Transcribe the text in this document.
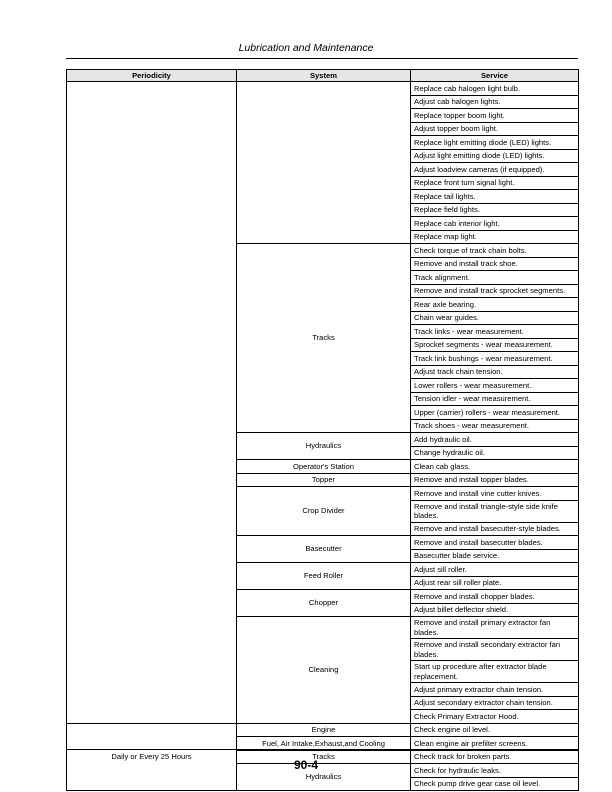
Lubrication and Maintenance
Periodicity	System	Service
		Replace cab halogen light bulb.
		Adjust cab halogen lights.
		Replace topper boom light.
		Adjust topper boom light.
		Replace light emitting diode (LED) lights.
		Adjust light emitting diode (LED) lights.
		Adjust loadview cameras (if equipped).
		Replace front turn signal light.
		Replace tail lights.
		Replace field lights.
		Replace cab interior light.
		Replace map light.
	Tracks	Check torque of track chain bolts.
		Remove and install track shoe.
		Track alignment.
		Remove and install track sprocket segments.
		Rear axle bearing.
		Chain wear guides.
		Track links - wear measurement.
		Sprocket segments - wear measurement.
		Track link bushings - wear measurement.
		Adjust track chain tension.
		Lower rollers - wear measurement.
		Tension idler - wear measurement.
		Upper (carrier) rollers - wear measurement.
		Track shoes - wear measurement.
	Hydraulics	Add hydraulic oil.
		Change hydraulic oil.
	Operator's Station	Clean cab glass.
	Topper	Remove and install topper blades.
	Crop Divider	Remove and install vine cutter knives.
		Remove and install triangle-style side knife blades.
		Remove and install basecutter-style blades.
	Basecutter	Remove and install basecutter blades.
		Basecutter blade service.
	Feed Roller	Adjust sill roller.
		Adjust rear sill roller plate.
	Chopper	Remove and install chopper blades.
		Adjust billet deflector shield.
	Cleaning	Remove and install primary extractor fan blades.
		Remove and install secondary extractor fan blades.
		Start up procedure after extractor blade replacement.
		Adjust primary extractor chain tension.
		Adjust secondary extractor chain tension.
		Check Primary Extractor Hood.
Daily or Every 25 Hours	Engine	Check engine oil level.
	Fuel, Air Intake,Exhaust,and Cooling	Clean engine air prefilter screens.
	Tracks	Check track for broken parts.
	Hydraulics	Check for hydraulic leaks.
		Check pump drive gear case oil level.
90-4
